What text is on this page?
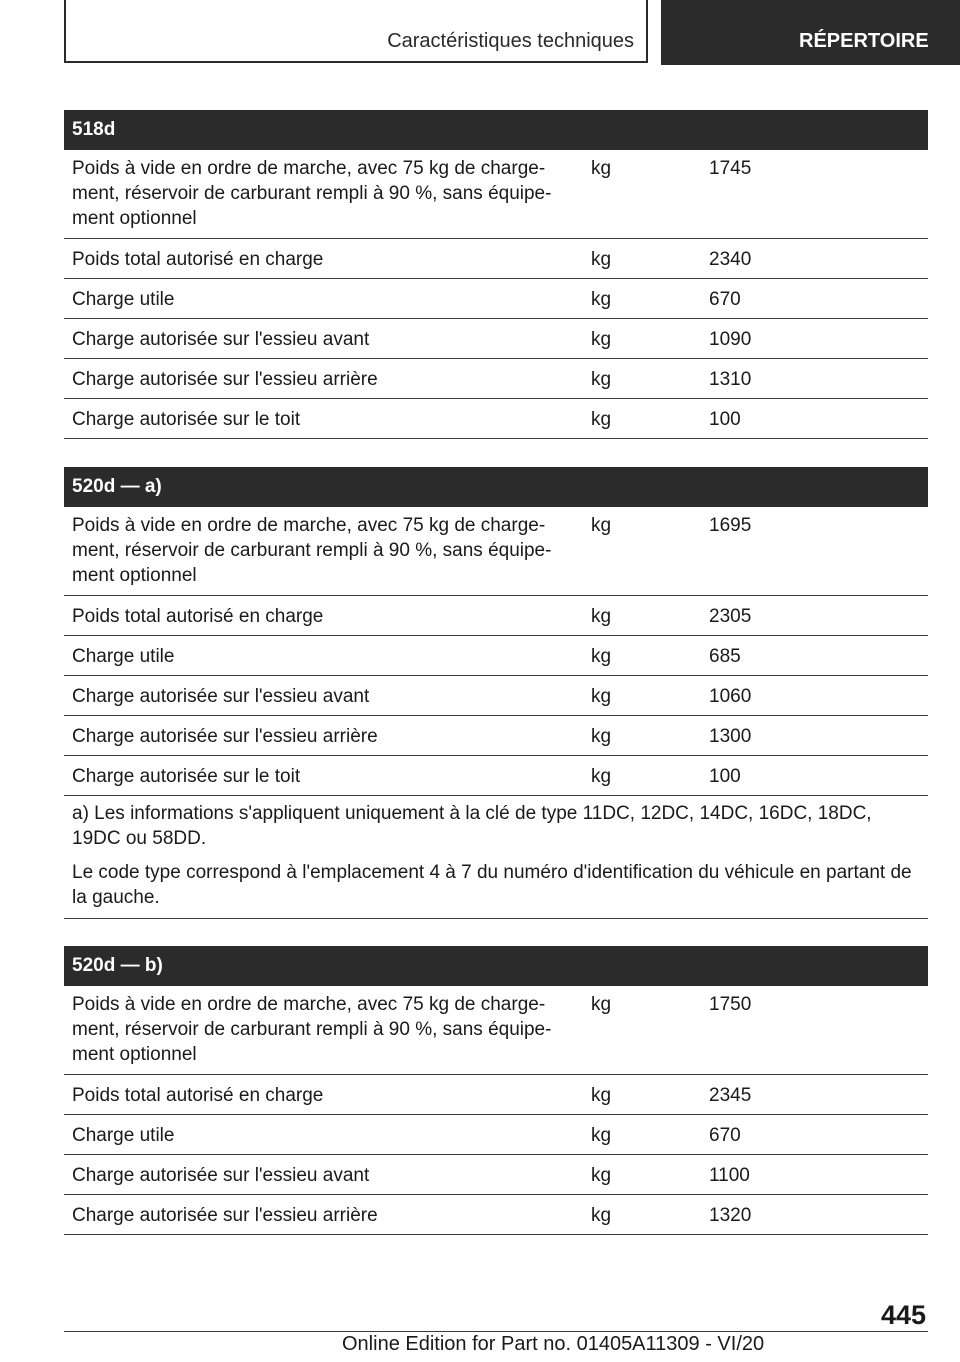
Caractéristiques techniques	RÉPERTOIRE
518d
Poids à vide en ordre de marche, avec 75 kg de charge-
ment, réservoir de carburant rempli à 90 %, sans équipe-
ment optionnel
kg	1745
Poids total autorisé en charge	kg	2340
Charge utile	kg	670
Charge autorisée sur l'essieu avant	kg	1090
Charge autorisée sur l'essieu arrière	kg	1310
Charge autorisée sur le toit	kg	100
520d — a)
Poids à vide en ordre de marche, avec 75 kg de charge-
ment, réservoir de carburant rempli à 90 %, sans équipe-
ment optionnel
kg	1695
Poids total autorisé en charge	kg	2305
Charge utile	kg	685
Charge autorisée sur l'essieu avant	kg	1060
Charge autorisée sur l'essieu arrière	kg	1300
Charge autorisée sur le toit	kg	100

a) Les informations s'appliquent uniquement à la clé de type 11DC, 12DC, 14DC, 16DC, 18DC, 19DC ou 58DD.

Le code type correspond à l'emplacement 4 à 7 du numéro d'identification du véhicule en partant de la gauche.

520d — b)
Poids à vide en ordre de marche, avec 75 kg de charge-
ment, réservoir de carburant rempli à 90 %, sans équipe-
ment optionnel
kg	1750
Poids total autorisé en charge	kg	2345
Charge utile	kg	670
Charge autorisée sur l'essieu avant	kg	1100
Charge autorisée sur l'essieu arrière	kg	1320
445
Online Edition for Part no. 01405A11309 - VI/20
